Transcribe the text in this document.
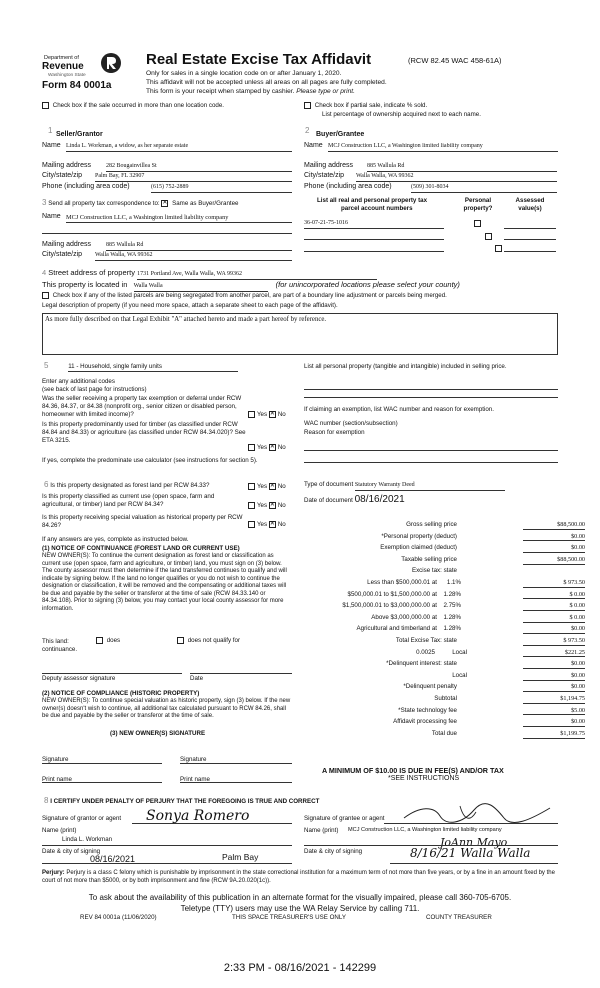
Department of
Revenue
Washington State
Form 84 0001a
Real Estate Excise Tax Affidavit	(RCW 82.45 WAC 458-61A)
Only for sales in a single location code on or after January 1, 2020.
This affidavit will not be accepted unless all areas on all pages are fully completed.
This form is your receipt when stamped by cashier. Please type or print.
Check box if the sale occurred in more than one location code.	Check box if partial sale, indicate % sold.
List percentage of ownership acquired next to each name.
1 Seller/Grantor
Name Linda L. Workman, a widow, as her separate estate
Mailing address 282 Bougainvillea St
City/state/zip Palm Bay, FL 32907
Phone (including area code)	(615) 752-2889
2 Buyer/Grantee
Name MCJ Construction LLC, a Washington limited liability company
Mailing address 885 Wallula Rd
City/state/zip Walla Walla, WA 99362
Phone (including area code)	(509) 301-8034
3 Send all property tax correspondence to: ✕ Same as Buyer/Grantee
Name MCJ Construction LLC, a Washington limited liability company
Mailing address 885 Wallula Rd
City/state/zip Walla Walla, WA 99362
List all real and personal property tax
parcel account numbers
Personal property?
Assessed value(s)
36-07-21-75-1016

4 Street address of property 1731 Portland Ave, Walla Walla, WA 99362
This property is located in Walla Walla	(for unincorporated locations please select your county)
Check box if any of the listed parcels are being segregated from another parcel, are part of a boundary line adjustment or parcels being merged.
Legal description of property (if you need more space, attach a separate sheet to each page of the affidavit).
As more fully described on that Legal Exhibit "A" attached hereto and made a part hereof by reference.
5	11 - Household, single family units
Enter any additional codes
(see back of last page for instructions)
Was the seller receiving a property tax exemption or deferral under RCW 84.36, 84.37, or 84.38 (nonprofit org., senior citizen or disabled person, homeowner with limited income)?	Yes ✕ No
Is this property predominantly used for timber (as classified under RCW 84.84 and 84.33) or agriculture (as classified under RCW 84.34.020)? See ETA 3215.
Yes ✕ No
If yes, complete the predominate use calculator (see instructions for section 5).
6 Is this property designated as forest land per RCW 84.33?	Yes ✕ No
Is this property classified as current use (open space, farm and agricultural, or timber) land per RCW 84.34?	Yes ✕ No
Is this property receiving special valuation as historical property per RCW 84.26?	Yes ✕ No
If any answers are yes, complete as instructed below.
(1) NOTICE OF CONTINUANCE (FOREST LAND OR CURRENT USE)
NEW OWNER(S): To continue the current designation as forest land or classification as current use (open space, farm and agriculture, or timber) land, you must sign on (3) below. The county assessor must then determine if the land transferred continues to qualify and will indicate by signing below. If the land no longer qualifies or you do not wish to continue the designation or classification, it will be removed and the compensating or additional taxes will be due and payable by the seller or transferor at the time of sale (RCW 84.33.140 or 84.34.108). Prior to signing (3) below, you may contact your local county assessor for more information.
This land:	does	does not qualify for
continuance.
Deputy assessor signature	Date
(2) NOTICE OF COMPLIANCE (HISTORIC PROPERTY)
NEW OWNER(S): To continue special valuation as historic property, sign (3) below. If the new owner(s) doesn't wish to continue, all additional tax calculated pursuant to RCW 84.26, shall be due and payable by the seller or transferor at the time of sale.
(3) NEW OWNER(S) SIGNATURE
Signature	Signature
Print name	Print name
List all personal property (tangible and intangible) included in selling price.
If claiming an exemption, list WAC number and reason for exemption.
WAC number (section/subsection)
Reason for exemption
Type of document Statutory Warranty Deed
Date of document 08/16/2021
Gross selling price	$88,500.00
*Personal property (deduct)	$0.00
Exemption claimed (deduct)	$0.00
Taxable selling price	$88,500.00
Excise tax: state
Less than $500,000.01 at 1.1%	$ 973.50
$500,000.01 to $1,500,000.00 at 1.28%	$ 0.00
$1,500,000.01 to $3,000,000.00 at 2.75%	$ 0.00
Above $3,000,000.00 at 1.28%	$ 0.00
Agricultural and timberland at 1.28%	$0.00
Total Excise Tax: state	$ 973.50
0.0025	Local	$221.25
*Delinquent interest: state	$0.00
Local	$0.00
*Delinquent penalty	$0.00
Subtotal	$1,194.75
*State technology fee	$5.00
Affidavit processing fee	$0.00
Total due	$1,199.75
A MINIMUM OF $10.00 IS DUE IN FEE(S) AND/OR TAX
*SEE INSTRUCTIONS
8 I CERTIFY UNDER PENALTY OF PERJURY THAT THE FOREGOING IS TRUE AND CORRECT
Signature of grantor or agent Sonya Romero
Name (print)
Linda L. Workman
Date & city of signing
08/16/2021	Palm Bay
Signature of grantee or agent
Name (print) MCJ Construction LLC, a Washington limited liability company
JoAnn Mayo
Date & city of signing	8/16/21 Walla Walla
Perjury: Perjury is a class C felony which is punishable by imprisonment in the state correctional institution for a maximum term of not more than five years, or by a fine in an amount fixed by the court of not more than $5000, or by both imprisonment and fine (RCW 9A.20.020(1c)).
To ask about the availability of this publication in an alternate format for the visually impaired, please call 360-705-6705.
Teletype (TTY) users may use the WA Relay Service by calling 711.
REV 84 0001a (11/06/2020)	THIS SPACE TREASURER'S USE ONLY	COUNTY TREASURER
2:33 PM - 08/16/2021 - 142299
